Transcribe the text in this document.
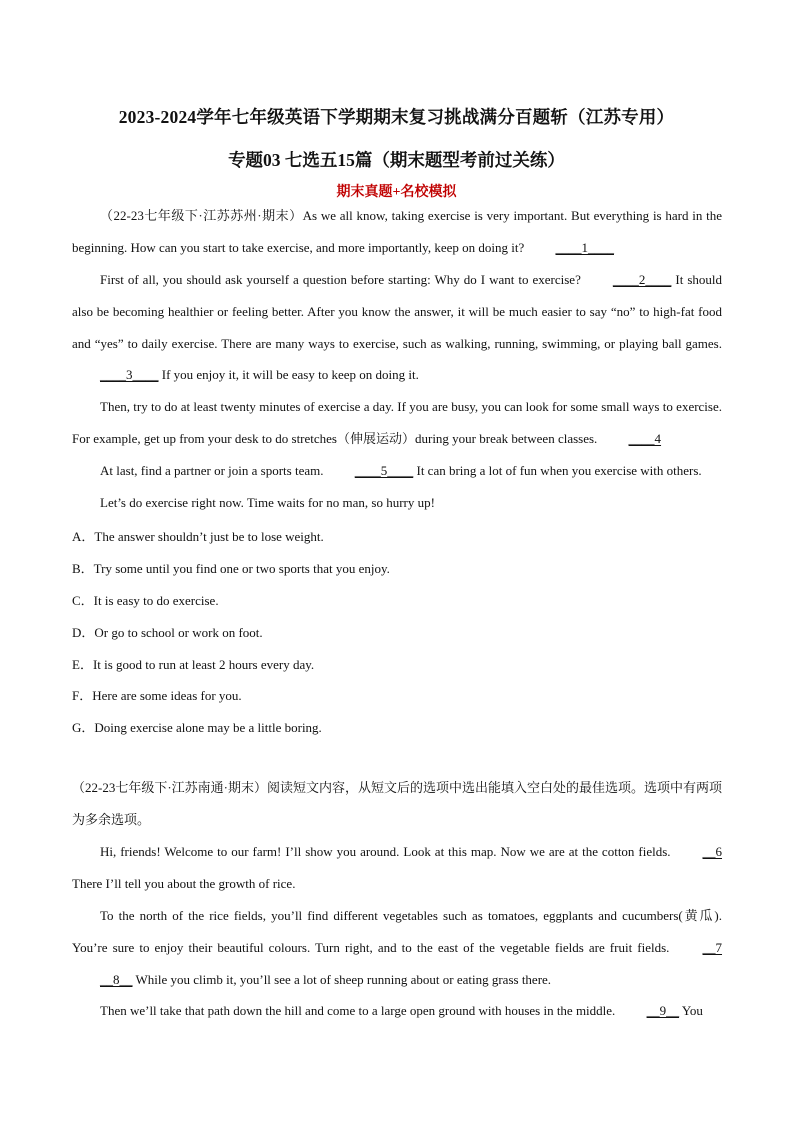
2023-2024学年七年级英语下学期期末复习挑战满分百题斩（江苏专用）
专题03 七选五15篇（期末题型考前过关练）
期末真题+名校模拟
（22-23七年级下·江苏苏州·期末）As we all know, taking exercise is very important. But everything is hard in the beginning. How can you start to take exercise, and more importantly, keep on doing it? ____1____
First of all, you should ask yourself a question before starting: Why do I want to exercise? ____2____ It should also be becoming healthier or feeling better. After you know the answer, it will be much easier to say “no” to high-fat food and “yes” to daily exercise. There are many ways to exercise, such as walking, running, swimming, or playing ball games. ____3____ If you enjoy it, it will be easy to keep on doing it.
Then, try to do at least twenty minutes of exercise a day. If you are busy, you can look for some small ways to exercise. For example, get up from your desk to do stretches（伸展运动）during your break between classes. ____4
At last, find a partner or join a sports team. ____5____ It can bring a lot of fun when you exercise with others.
Let’s do exercise right now. Time waits for no man, so hurry up!
A．The answer shouldn’t just be to lose weight.
B．Try some until you find one or two sports that you enjoy.
C．It is easy to do exercise.
D．Or go to school or work on foot.
E．It is good to run at least 2 hours every day.
F．Here are some ideas for you.
G．Doing exercise alone may be a little boring.
（22-23七年级下·江苏南通·期末）阅读短文内容，从短文后的选项中选出能填入空白处的最佳选项。选项中有两项为多余选项。
Hi, friends! Welcome to our farm! I’ll show you around. Look at this map. Now we are at the cotton fields. __6 There I’ll tell you about the growth of rice.
To the north of the rice fields, you’ll find different vegetables such as tomatoes, eggplants and cucumbers(黄瓜). You’re sure to enjoy their beautiful colours. Turn right, and to the east of the vegetable fields are fruit fields.	__7 __8__ While you climb it, you’ll see a lot of sheep running about or eating grass there.
Then we’ll take that path down the hill and come to a large open ground with houses in the middle. __9__ You
